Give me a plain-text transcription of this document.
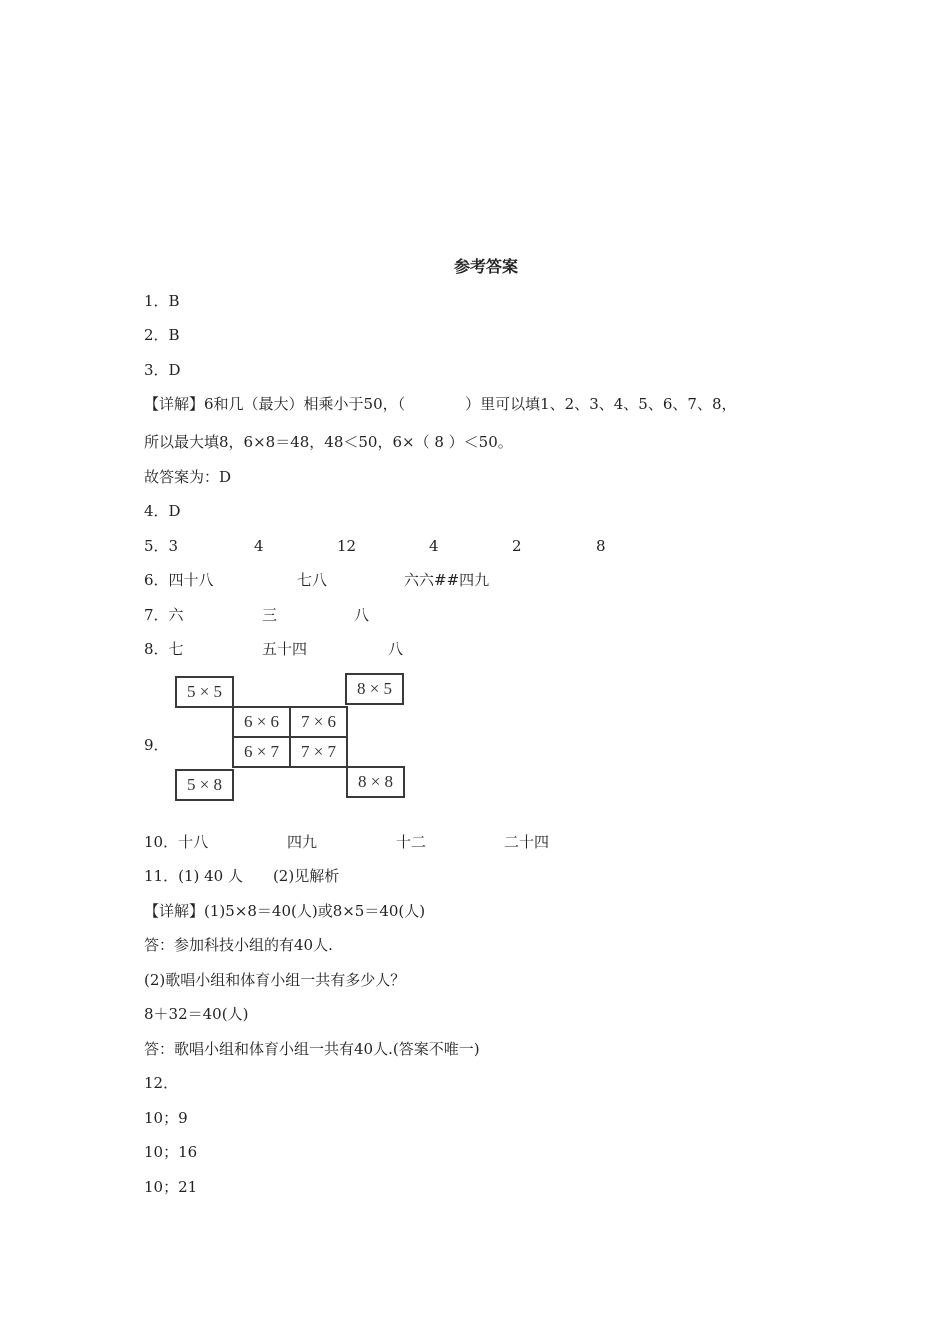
参考答案
1．B
2．B
3．D
【详解】6和几（最大）相乘小于50，（　　　　）里可以填1、2、3、4、5、6、7、8，
所以最大填8，6×8＝48，48＜50，6×（ 8 ）＜50。
故答案为：D
4．D
5．3	4	12	4	2	8
6．四十八	七八	六六##四九
7．六	三	八
8．七	五十四	八
9．
5 × 5	8 × 5
6 × 6	7 × 6
6 × 7	7 × 7
5 × 8	8 × 8
10．十八	四九	十二	二十四
11．(1) 40 人　　(2)见解析
【详解】(1)5×8＝40(人)或8×5＝40(人)
答：参加科技小组的有40人.
(2)歌唱小组和体育小组一共有多少人？
8＋32＝40(人)
答：歌唱小组和体育小组一共有40人.(答案不唯一)
12．
10；9
10；16
10；21
